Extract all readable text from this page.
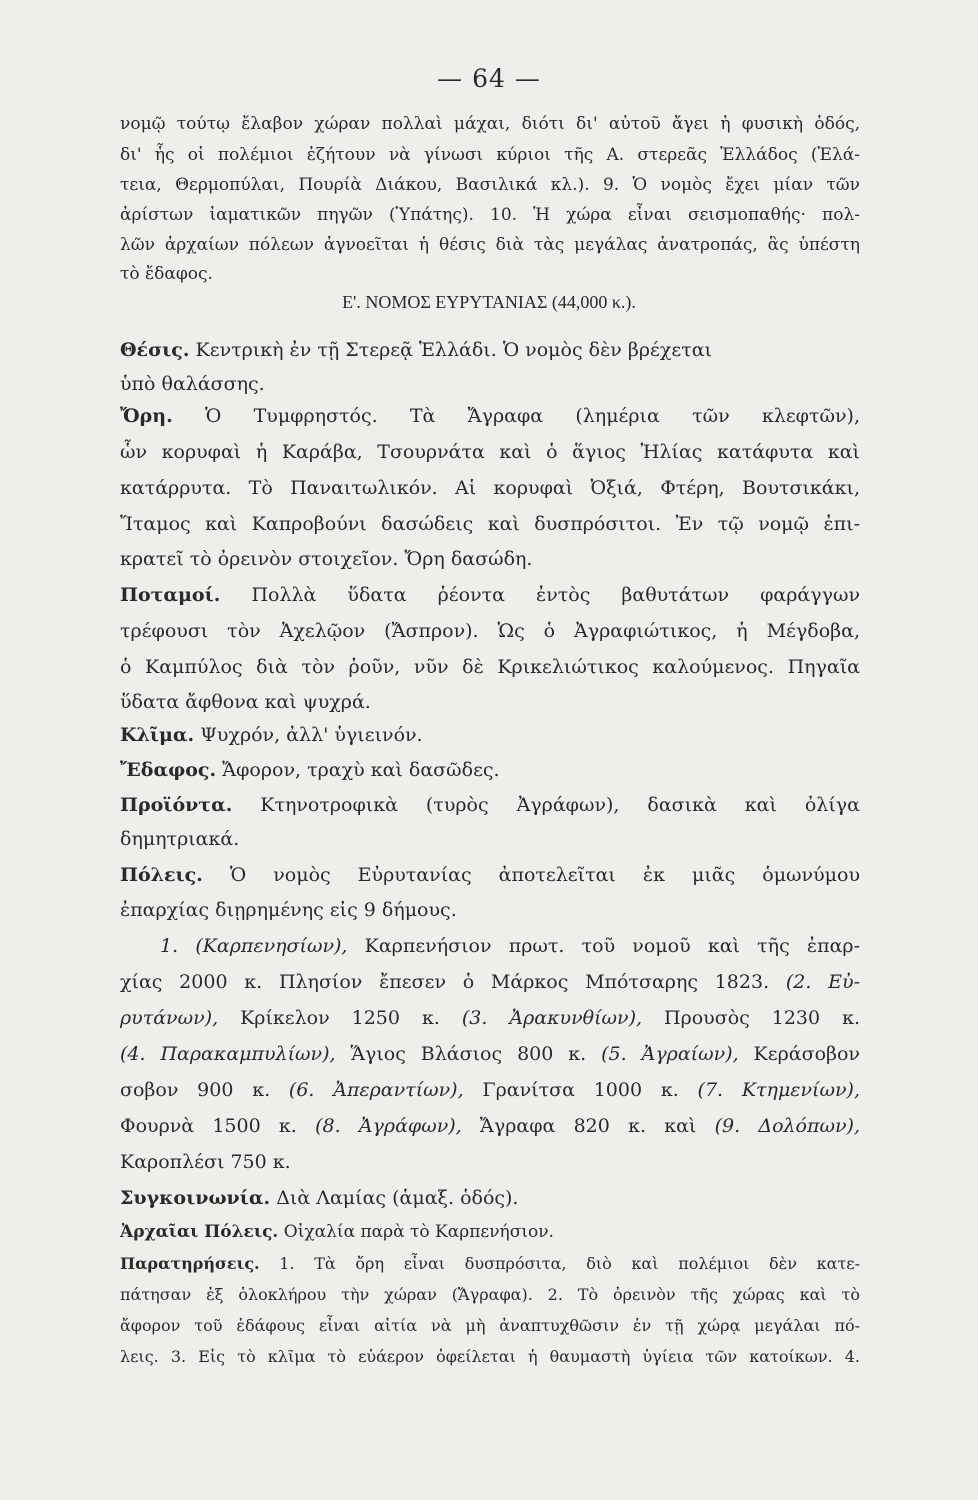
— 64 —
νομῷ τούτῳ ἔλαβον χώραν πολλαὶ μάχαι, διότι δι' αὐτοῦ ἄγει ἡ φυσικὴ ὁδός,
δι' ἧς οἱ πολέμιοι ἐζήτουν νὰ γίνωσι κύριοι τῆς Α. στερεᾶς Ἑλλάδος (Ἐλά-
τεια, Θερμοπύλαι, Πουρίὰ Διάκου, Βασιλικά κλ.). 9. Ὁ νομὸς ἔχει μίαν τῶν
ἀρίστων ἰαματικῶν πηγῶν (Ὑπάτης). 10. Ἡ χώρα εἶναι σεισμοπαθής· πολ-
λῶν ἀρχαίων πόλεων ἀγνοεῖται ἡ θέσις διὰ τὰς μεγάλας ἀνατροπάς, ἃς ὑπέστη
τὸ ἔδαφος.
Ε'. ΝΟΜΟΣ ΕΥΡΥΤΑΝΙΑΣ (44,000 κ.).
Θέσις. Κεντρικὴ ἐν τῇ Στερεᾷ Ἑλλάδι. Ὁ νομὸς δὲν βρέχεται
ὑπὸ θαλάσσης.
Ὄρη. Ὁ Τυμφρηστός. Τὰ Ἄγραφα (λημέρια τῶν κλεφτῶν),
ὧν κορυφαὶ ἡ Καράβα, Τσουρνάτα καὶ ὁ ἅγιος Ἠλίας κατάφυτα καὶ
κατάρρυτα. Τὸ Παναιτωλικόν. Αἱ κορυφαὶ Ὀξιά, Φτέρη, Βουτσικάκι,
Ἴταμος καὶ Καπροβούνι δασώδεις καὶ δυσπρόσιτοι. Ἐν τῷ νομῷ ἐπι-
κρατεῖ τὸ ὀρεινὸν στοιχεῖον. Ὄρη δασώδη.
Ποταμοί. Πολλὰ ὕδατα ῥέοντα ἐντὸς βαθυτάτων φαράγγων
τρέφουσι τὸν Ἀχελῷον (Ἄσπρον). Ὡς ὁ Ἀγραφιώτικος, ἡ Μέγδοβα,
ὁ Καμπύλος διὰ τὸν ῥοῦν, νῦν δὲ Κρικελιώτικος καλούμενος. Πηγαῖα
ὕδατα ἄφθονα καὶ ψυχρά.
Κλῖμα. Ψυχρόν, ἀλλ' ὑγιεινόν.
Ἔδαφος. Ἄφορον, τραχὺ καὶ δασῶδες.
Προϊόντα. Κτηνοτροφικὰ (τυρὸς Ἀγράφων), δασικὰ καὶ ὀλίγα
δημητριακά.
Πόλεις. Ὁ νομὸς Εὐρυτανίας ἀποτελεῖται ἐκ μιᾶς ὁμωνύμου
ἐπαρχίας διῃρημένης εἰς 9 δήμους.
1. (Καρπενησίων), Καρπενήσιον πρωτ. τοῦ νομοῦ καὶ τῆς ἐπαρ-
χίας 2000 κ. Πλησίον ἔπεσεν ὁ Μάρκος Μπότσαρης 1823. (2. Εὐ-
ρυτάνων), Κρίκελον 1250 κ. (3. Ἀρακυνθίων), Προυσὸς 1230 κ.
(4. Παρακαμπυλίων), Ἅγιος Βλάσιος 800 κ. (5. Ἀγραίων), Κεράσοβον
σοβον 900 κ. (6. Ἀπεραντίων), Γρανίτσα 1000 κ. (7. Κτημενίων),
Φουρνὰ 1500 κ. (8. Ἀγράφων), Ἄγραφα 820 κ. καὶ (9. Δολόπων),
Καροπλέσι 750 κ.
Συγκοινωνία. Διὰ Λαμίας (ἁμαξ. ὁδός).
Ἀρχαῖαι Πόλεις. Οἰχαλία παρὰ τὸ Καρπενήσιον.
Παρατηρήσεις. 1. Τὰ ὄρη εἶναι δυσπρόσιτα, διὸ καὶ πολέμιοι δὲν κατε-
πάτησαν ἐξ ὁλοκλήρου τὴν χώραν (Ἄγραφα). 2. Τὸ ὀρεινὸν τῆς χώρας καὶ τὸ
ἄφορον τοῦ ἐδάφους εἶναι αἰτία νὰ μὴ ἀναπτυχθῶσιν ἐν τῇ χώρᾳ μεγάλαι πό-
λεις. 3. Εἰς τὸ κλῖμα τὸ εὐάερον ὀφείλεται ἡ θαυμαστὴ ὑγίεια τῶν κατοίκων. 4.
